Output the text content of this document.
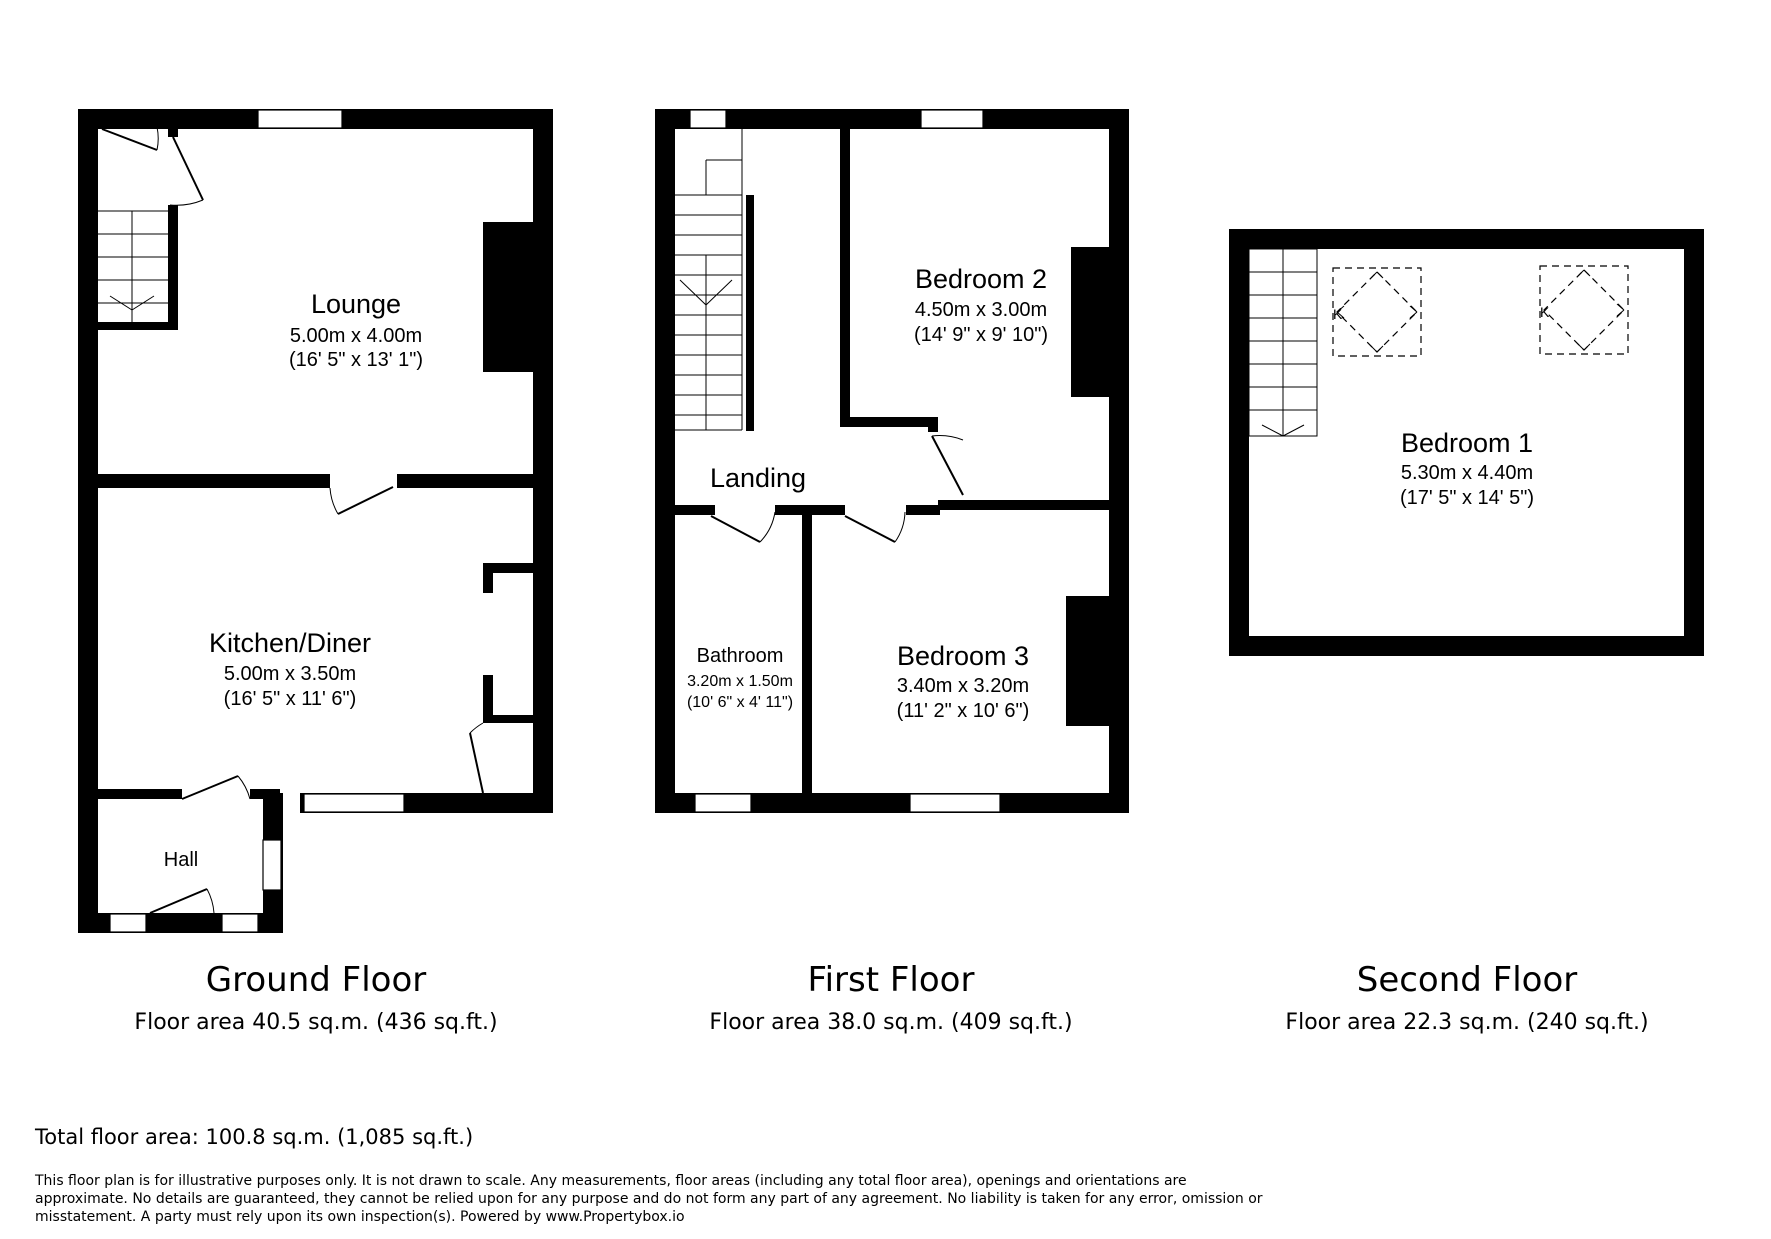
K	K
Lounge
5.00m x 4.00m
(16' 5" x 13' 1")
Kitchen/Diner
5.00m x 3.50m
(16' 5" x 11' 6")
Hall
Bedroom 2
4.50m x 3.00m
(14' 9" x 9' 10")
Landing
Bathroom
3.20m x 1.50m
(10' 6" x 4' 11")
Bedroom 3
3.40m x 3.20m
(11' 2" x 10' 6")
Bedroom 1
5.30m x 4.40m
(17' 5" x 14' 5")
Ground Floor
Floor area 40.5 sq.m. (436 sq.ft.)
First Floor
Floor area 38.0 sq.m. (409 sq.ft.)
Second Floor
Floor area 22.3 sq.m. (240 sq.ft.)
Total floor area: 100.8 sq.m. (1,085 sq.ft.)
This floor plan is for illustrative purposes only. It is not drawn to scale. Any measurements, floor areas (including any total floor area), openings and orientations are
approximate. No details are guaranteed, they cannot be relied upon for any purpose and do not form any part of any agreement. No liability is taken for any error, omission or
misstatement. A party must rely upon its own inspection(s). Powered by www.Propertybox.io
